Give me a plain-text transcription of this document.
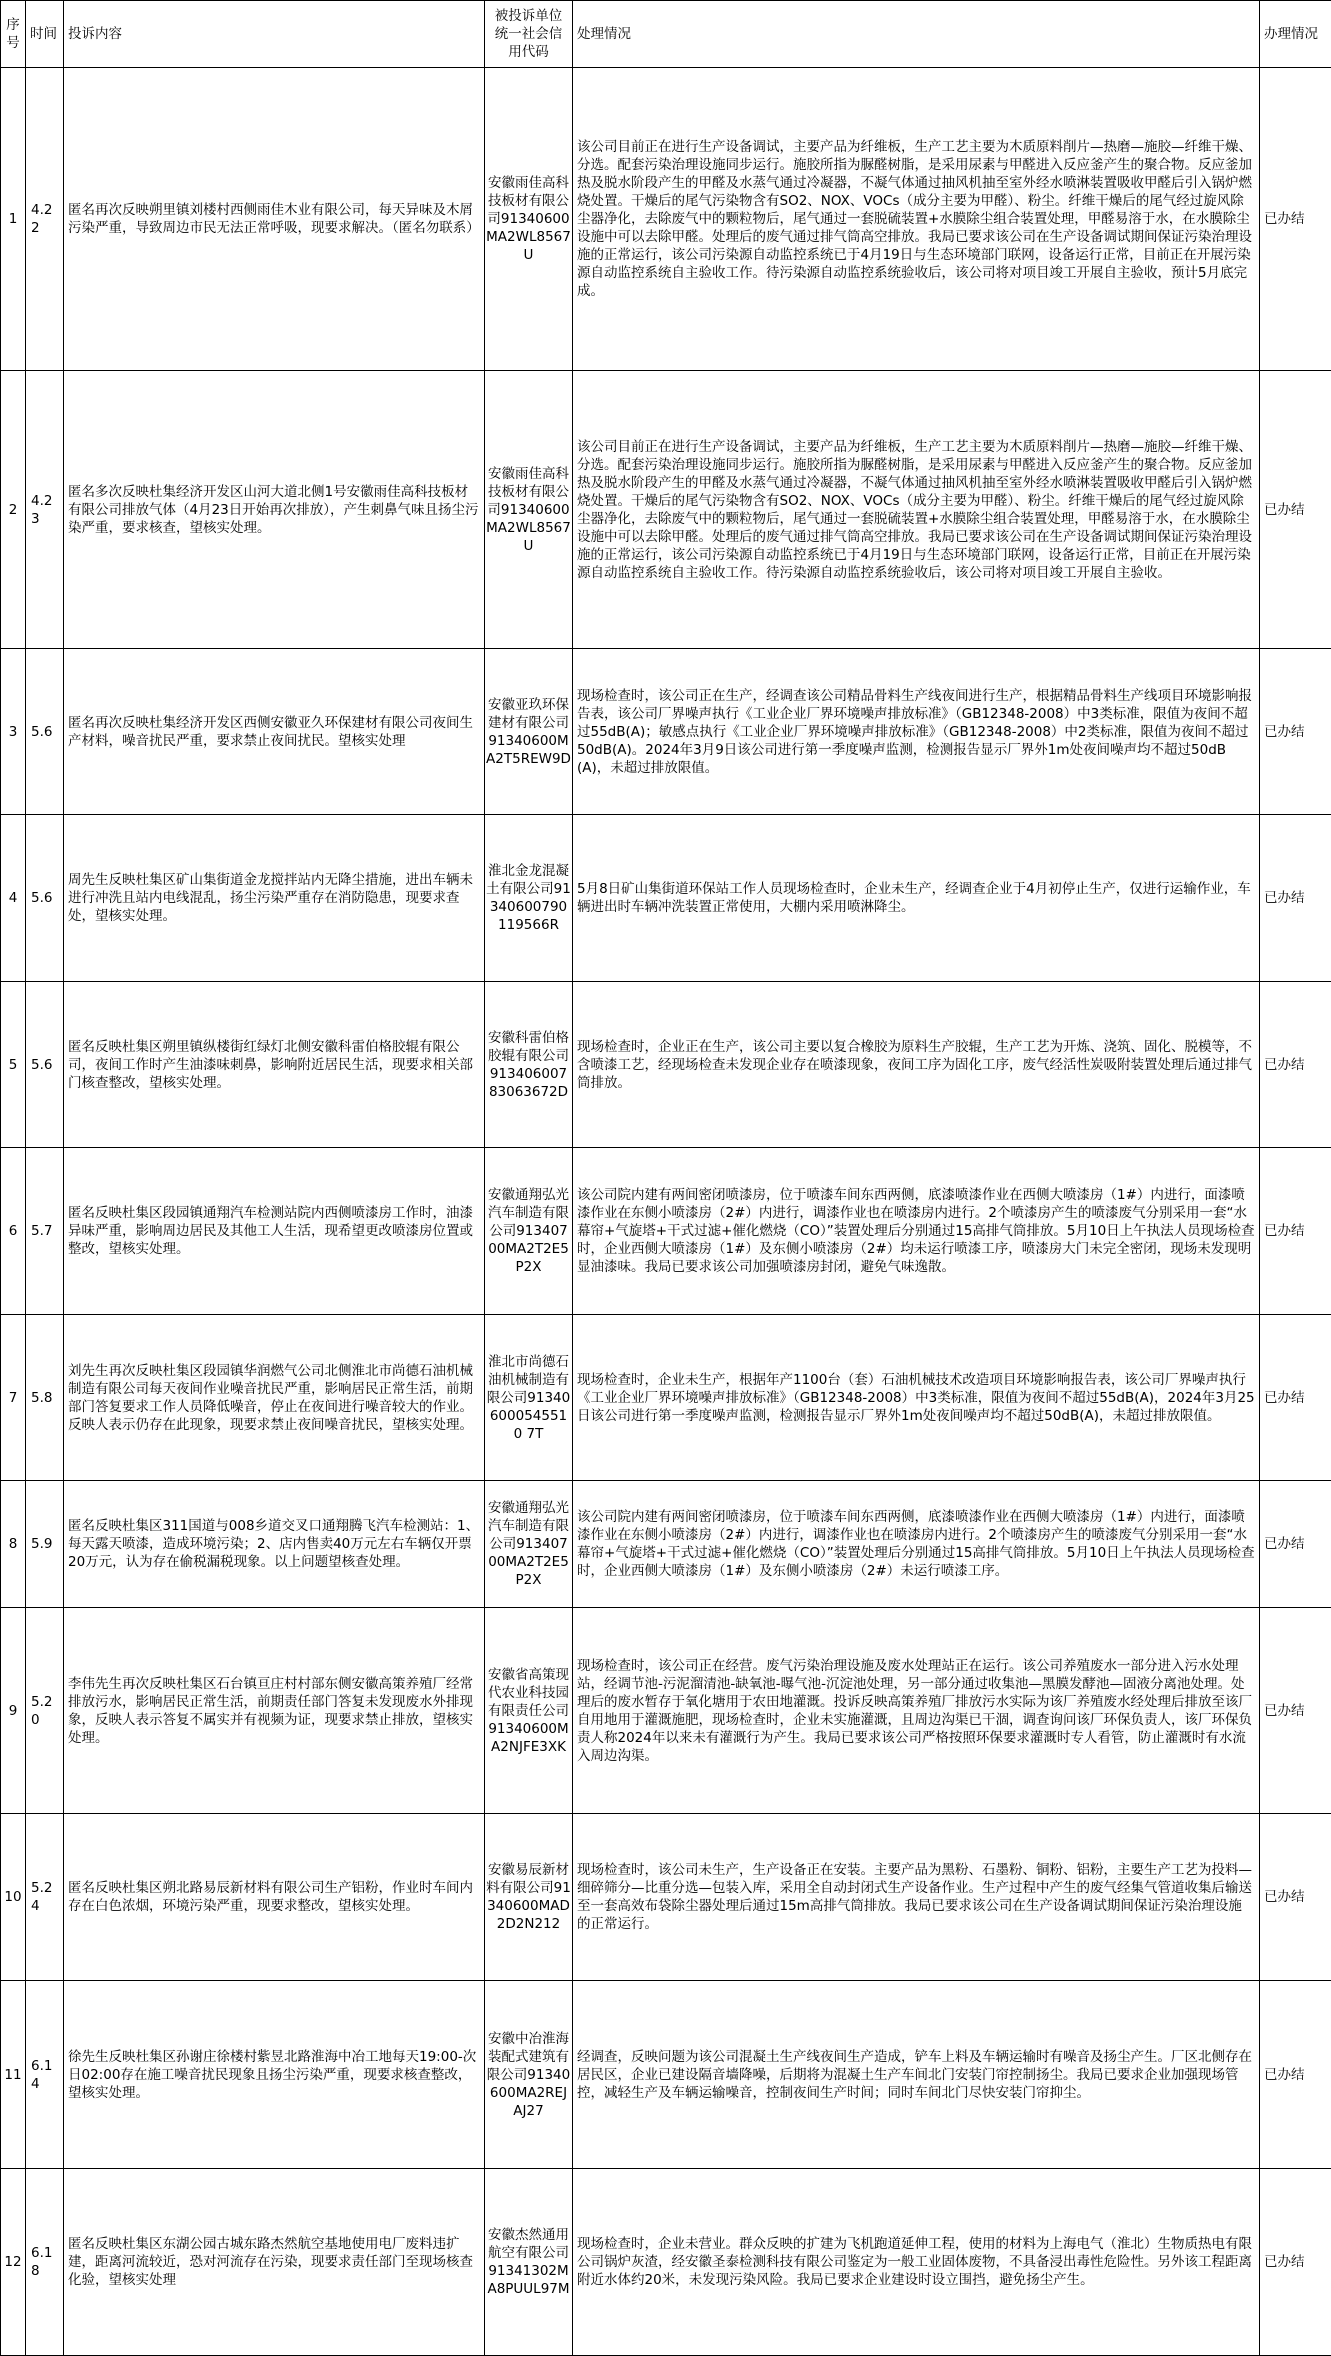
序号	时间	投诉内容	被投诉单位统一社会信用代码	处理情况	办理情况
1	4.22	匿名再次反映朔里镇刘楼村西侧雨佳木业有限公司，每天异味及木屑污染严重，导致周边市民无法正常呼吸，现要求解决。（匿名勿联系）	安徽雨佳高科技板材有限公司91340600MA2WL8567U	该公司目前正在进行生产设备调试，主要产品为纤维板，生产工艺主要为木质原料削片—热磨—施胶—纤维干燥、分选。配套污染治理设施同步运行。施胶所指为脲醛树脂，是采用尿素与甲醛进入反应釜产生的聚合物。反应釜加热及脱水阶段产生的甲醛及水蒸气通过冷凝器，不凝气体通过抽风机抽至室外经水喷淋装置吸收甲醛后引入锅炉燃烧处置。干燥后的尾气污染物含有SO2、NOX、VOCs（成分主要为甲醛）、粉尘。纤维干燥后的尾气经过旋风除尘器净化，去除废气中的颗粒物后，尾气通过一套脱硫装置+水膜除尘组合装置处理，甲醛易溶于水，在水膜除尘设施中可以去除甲醛。处理后的废气通过排气筒高空排放。我局已要求该公司在生产设备调试期间保证污染治理设施的正常运行，该公司污染源自动监控系统已于4月19日与生态环境部门联网，设备运行正常，目前正在开展污染源自动监控系统自主验收工作。待污染源自动监控系统验收后，该公司将对项目竣工开展自主验收，预计5月底完成。	已办结
2	4.23	匿名多次反映杜集经济开发区山河大道北侧1号安徽雨佳高科技板材有限公司排放气体（4月23日开始再次排放），产生刺鼻气味且扬尘污染严重，要求核查，望核实处理。	安徽雨佳高科技板材有限公司91340600MA2WL8567U	该公司目前正在进行生产设备调试，主要产品为纤维板，生产工艺主要为木质原料削片—热磨—施胶—纤维干燥、分选。配套污染治理设施同步运行。施胶所指为脲醛树脂，是采用尿素与甲醛进入反应釜产生的聚合物。反应釜加热及脱水阶段产生的甲醛及水蒸气通过冷凝器，不凝气体通过抽风机抽至室外经水喷淋装置吸收甲醛后引入锅炉燃烧处置。干燥后的尾气污染物含有SO2、NOX、VOCs（成分主要为甲醛）、粉尘。纤维干燥后的尾气经过旋风除尘器净化，去除废气中的颗粒物后，尾气通过一套脱硫装置+水膜除尘组合装置处理，甲醛易溶于水，在水膜除尘设施中可以去除甲醛。处理后的废气通过排气筒高空排放。我局已要求该公司在生产设备调试期间保证污染治理设施的正常运行，该公司污染源自动监控系统已于4月19日与生态环境部门联网，设备运行正常，目前正在开展污染源自动监控系统自主验收工作。待污染源自动监控系统验收后，该公司将对项目竣工开展自主验收。	已办结
3	5.6	匿名再次反映杜集经济开发区西侧安徽亚久环保建材有限公司夜间生产材料，噪音扰民严重，要求禁止夜间扰民。望核实处理	安徽亚玖环保建材有限公司91340600MA2T5REW9D	现场检查时，该公司正在生产，经调查该公司精品骨料生产线夜间进行生产，根据精品骨料生产线项目环境影响报告表，该公司厂界噪声执行《工业企业厂界环境噪声排放标准》（GB12348-2008）中3类标准，限值为夜间不超过55dB(A)；敏感点执行《工业企业厂界环境噪声排放标准》（GB12348-2008）中2类标准，限值为夜间不超过50dB(A)。2024年3月9日该公司进行第一季度噪声监测，检测报告显示厂界外1m处夜间噪声均不超过50dB(A)，未超过排放限值。	已办结
4	5.6	周先生反映杜集区矿山集街道金龙搅拌站内无降尘措施，进出车辆未进行冲洗且站内电线混乱，扬尘污染严重存在消防隐患，现要求查处，望核实处理。	淮北金龙混凝土有限公司91340600790119566R	5月8日矿山集街道环保站工作人员现场检查时，企业未生产，经调查企业于4月初停止生产，仅进行运输作业，车辆进出时车辆冲洗装置正常使用，大棚内采用喷淋降尘。	已办结
5	5.6	匿名反映杜集区朔里镇纵楼街红绿灯北侧安徽科雷伯格胶辊有限公司，夜间工作时产生油漆味刺鼻，影响附近居民生活，现要求相关部门核查整改，望核实处理。	安徽科雷伯格胶辊有限公司91340600783063672D	现场检查时，企业正在生产，该公司主要以复合橡胶为原料生产胶辊，生产工艺为开炼、浇筑、固化、脱模等，不含喷漆工艺，经现场检查未发现企业存在喷漆现象，夜间工序为固化工序，废气经活性炭吸附装置处理后通过排气筒排放。	已办结
6	5.7	匿名反映杜集区段园镇通翔汽车检测站院内西侧喷漆房工作时，油漆异味严重，影响周边居民及其他工人生活，现希望更改喷漆房位置或整改，望核实处理。	安徽通翔弘光汽车制造有限公司91340700MA2T2E5P2X	该公司院内建有两间密闭喷漆房，位于喷漆车间东西两侧，底漆喷漆作业在西侧大喷漆房（1#）内进行，面漆喷漆作业在东侧小喷漆房（2#）内进行，调漆作业也在喷漆房内进行。2个喷漆房产生的喷漆废气分别采用一套“水幕帘+气旋塔+干式过滤+催化燃烧（CO）”装置处理后分别通过15高排气筒排放。5月10日上午执法人员现场检查时，企业西侧大喷漆房（1#）及东侧小喷漆房（2#）均未运行喷漆工序，喷漆房大门未完全密闭，现场未发现明显油漆味。我局已要求该公司加强喷漆房封闭，避免气味逸散。	已办结
7	5.8	刘先生再次反映杜集区段园镇华润燃气公司北侧淮北市尚德石油机械制造有限公司每天夜间作业噪音扰民严重，影响居民正常生活，前期部门答复要求工作人员降低噪音，停止在夜间进行噪音较大的作业。反映人表示仍存在此现象，现要求禁止夜间噪音扰民，望核实处理。	淮北市尚德石油机械制造有限公司913406000545510 7T	现场检查时，企业未生产，根据年产1100台（套）石油机械技术改造项目环境影响报告表，该公司厂界噪声执行《工业企业厂界环境噪声排放标准》（GB12348-2008）中3类标准，限值为夜间不超过55dB(A)，2024年3月25日该公司进行第一季度噪声监测，检测报告显示厂界外1m处夜间噪声均不超过50dB(A)，未超过排放限值。	已办结
8	5.9	匿名反映杜集区311国道与008乡道交叉口通翔腾飞汽车检测站：1、每天露天喷漆，造成环境污染；2、店内售卖40万元左右车辆仅开票20万元，认为存在偷税漏税现象。以上问题望核查处理。	安徽通翔弘光汽车制造有限公司91340700MA2T2E5P2X	该公司院内建有两间密闭喷漆房，位于喷漆车间东西两侧，底漆喷漆作业在西侧大喷漆房（1#）内进行，面漆喷漆作业在东侧小喷漆房（2#）内进行，调漆作业也在喷漆房内进行。2个喷漆房产生的喷漆废气分别采用一套“水幕帘+气旋塔+干式过滤+催化燃烧（CO）”装置处理后分别通过15高排气筒排放。5月10日上午执法人员现场检查时，企业西侧大喷漆房（1#）及东侧小喷漆房（2#）未运行喷漆工序。	已办结
9	5.20	李伟先生再次反映杜集区石台镇亘庄村村部东侧安徽高策养殖厂经常排放污水，影响居民正常生活，前期责任部门答复未发现废水外排现象，反映人表示答复不属实并有视频为证，现要求禁止排放，望核实处理。	安徽省高策现代农业科技园有限责任公司91340600MA2NJFE3XK	现场检查时，该公司正在经营。废气污染治理设施及废水处理站正在运行。该公司养殖废水一部分进入污水处理站，经调节池-污泥溜清池-缺氧池-曝气池-沉淀池处理，另一部分通过收集池—黑膜发酵池—固液分离池处理。处理后的废水暂存于氧化塘用于农田地灌溉。投诉反映高策养殖厂排放污水实际为该厂养殖废水经处理后排放至该厂自用地用于灌溉施肥，现场检查时，企业未实施灌溉，且周边沟渠已干涸，调查询问该厂环保负责人，该厂环保负责人称2024年以来未有灌溉行为产生。我局已要求该公司严格按照环保要求灌溉时专人看管，防止灌溉时有水流入周边沟渠。	已办结
10	5.24	匿名反映杜集区朔北路易辰新材料有限公司生产铝粉，作业时车间内存在白色浓烟，环境污染严重，现要求整改，望核实处理。	安徽易辰新材料有限公司91340600MAD2D2N212	现场检查时，该公司未生产，生产设备正在安装。主要产品为黑粉、石墨粉、铜粉、铝粉，主要生产工艺为投料—细碎筛分—比重分选—包装入库，采用全自动封闭式生产设备作业。生产过程中产生的废气经集气管道收集后输送至一套高效布袋除尘器处理后通过15m高排气筒排放。我局已要求该公司在生产设备调试期间保证污染治理设施的正常运行。	已办结
11	6.14	徐先生反映杜集区孙谢庄徐楼村紫昱北路淮海中冶工地每天19:00-次日02:00存在施工噪音扰民现象且扬尘污染严重，现要求核查整改，望核实处理。	安徽中冶淮海装配式建筑有限公司91340600MA2REJAJ27	经调查，反映问题为该公司混凝土生产线夜间生产造成，铲车上料及车辆运输时有噪音及扬尘产生。厂区北侧存在居民区，企业已建设隔音墙降噪，后期将为混凝土生产车间北门安装门帘控制扬尘。我局已要求企业加强现场管控，减轻生产及车辆运输噪音，控制夜间生产时间；同时车间北门尽快安装门帘抑尘。	已办结
12	6.18	匿名反映杜集区东湖公园古城东路杰然航空基地使用电厂废料违扩建，距离河流较近，恐对河流存在污染，现要求责任部门至现场核查化验，望核实处理	安徽杰然通用航空有限公司91341302MA8PUUL97M	现场检查时，企业未营业。群众反映的扩建为飞机跑道延伸工程，使用的材料为上海电气（淮北）生物质热电有限公司锅炉灰渣，经安徽圣泰检测科技有限公司鉴定为一般工业固体废物，不具备浸出毒性危险性。另外该工程距离附近水体约20米，未发现污染风险。我局已要求企业建设时设立围挡，避免扬尘产生。	已办结
